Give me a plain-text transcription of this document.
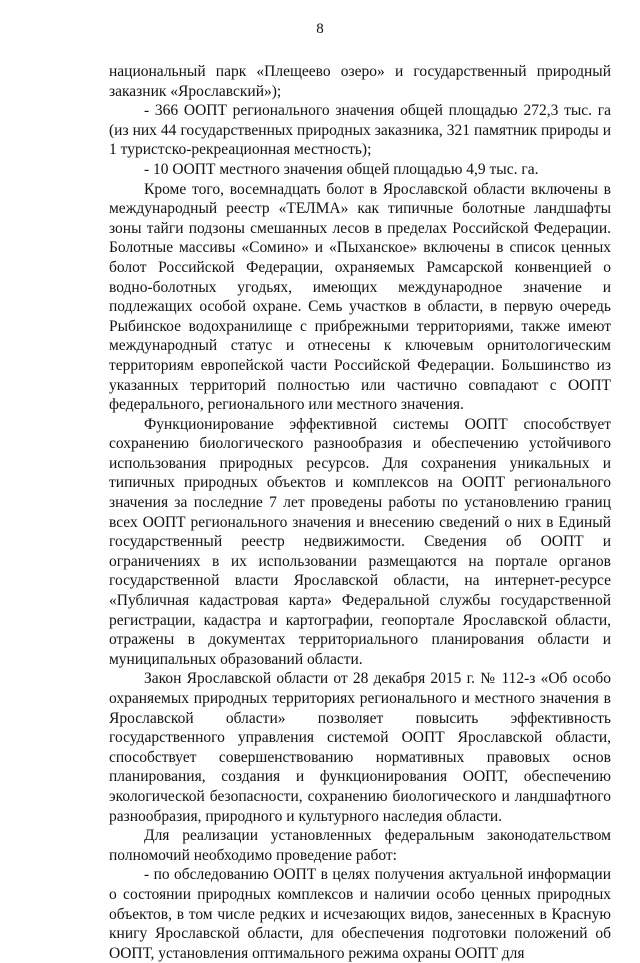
8

национальный парк «Плещеево озеро» и государственный природный заказник «Ярославский»);

- 366 ООПТ регионального значения общей площадью 272,3 тыс. га (из них 44 государственных природных заказника, 321 памятник природы и 1 туристско-рекреационная местность);

- 10 ООПТ местного значения общей площадью 4,9 тыс. га.

Кроме того, восемнадцать болот в Ярославской области включены в международный реестр «ТЕЛМА» как типичные болотные ландшафты зоны тайги подзоны смешанных лесов в пределах Российской Федерации. Болотные массивы «Сомино» и «Пыханское» включены в список ценных болот Российской Федерации, охраняемых Рамсарской конвенцией о водно-болотных угодьях, имеющих международное значение и подлежащих особой охране. Семь участков в области, в первую очередь Рыбинское водохранилище с прибрежными территориями, также имеют международный статус и отнесены к ключевым орнитологическим территориям европейской части Российской Федерации. Большинство из указанных территорий полностью или частично совпадают с ООПТ федерального, регионального или местного значения.

Функционирование эффективной системы ООПТ способствует сохранению биологического разнообразия и обеспечению устойчивого использования природных ресурсов. Для сохранения уникальных и типичных природных объектов и комплексов на ООПТ регионального значения за последние 7 лет проведены работы по установлению границ всех ООПТ регионального значения и внесению сведений о них в Единый государственный реестр недвижимости. Сведения об ООПТ и ограничениях в их использовании размещаются на портале органов государственной власти Ярославской области, на интернет-ресурсе «Публичная кадастровая карта» Федеральной службы государственной регистрации, кадастра и картографии, геопортале Ярославской области, отражены в документах территориального планирования области и муниципальных образований области.

Закон Ярославской области от 28 декабря 2015 г. № 112-з «Об особо охраняемых природных территориях регионального и местного значения в Ярославской области» позволяет повысить эффективность государственного управления системой ООПТ Ярославской области, способствует совершенствованию нормативных правовых основ планирования, создания и функционирования ООПТ, обеспечению экологической безопасности, сохранению биологического и ландшафтного разнообразия, природного и культурного наследия области.

Для реализации установленных федеральным законодательством полномочий необходимо проведение работ:

- по обследованию ООПТ в целях получения актуальной информации о состоянии природных комплексов и наличии особо ценных природных объектов, в том числе редких и исчезающих видов, занесенных в Красную книгу Ярославской области, для обеспечения подготовки положений об ООПТ, установления оптимального режима охраны ООПТ для
